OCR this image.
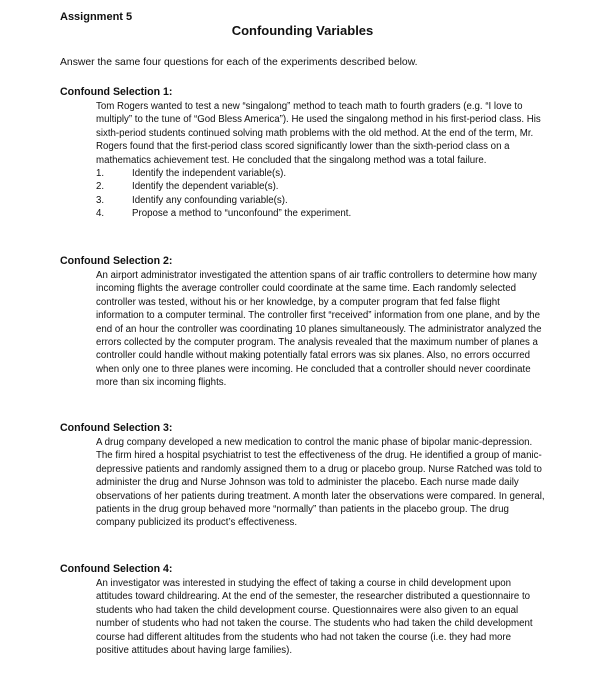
Assignment 5
Confounding Variables
Answer the same four questions for each of the experiments described below.
Confound Selection 1:
Tom Rogers wanted to test a new “singalong” method to teach math to fourth graders (e.g. “I love to multiply” to the tune of “God Bless America”). He used the singalong method in his first-period class. His sixth-period students continued solving math problems with the old method. At the end of the term, Mr. Rogers found that the first-period class scored significantly lower than the sixth-period class on a mathematics achievement test. He concluded that the singalong method was a total failure.
1.	Identify the independent variable(s).
2.	Identify the dependent variable(s).
3.	Identify any confounding variable(s).
4.	Propose a method to “unconfound” the experiment.
Confound Selection 2:
An airport administrator investigated the attention spans of air traffic controllers to determine how many incoming flights the average controller could coordinate at the same time. Each randomly selected controller was tested, without his or her knowledge, by a computer program that fed false flight information to a computer terminal. The controller first “received” information from one plane, and by the end of an hour the controller was coordinating 10 planes simultaneously. The administrator analyzed the errors collected by the computer program. The analysis revealed that the maximum number of planes a controller could handle without making potentially fatal errors was six planes. Also, no errors occurred when only one to three planes were incoming. He concluded that a controller should never coordinate more than six incoming flights.
Confound Selection 3:
A drug company developed a new medication to control the manic phase of bipolar manic-depression. The firm hired a hospital psychiatrist to test the effectiveness of the drug. He identified a group of manic-depressive patients and randomly assigned them to a drug or placebo group. Nurse Ratched was told to administer the drug and Nurse Johnson was told to administer the placebo. Each nurse made daily observations of her patients during treatment. A month later the observations were compared. In general, patients in the drug group behaved more “normally” than patients in the placebo group. The drug company publicized its product’s effectiveness.
Confound Selection 4:
An investigator was interested in studying the effect of taking a course in child development upon attitudes toward childrearing. At the end of the semester, the researcher distributed a questionnaire to students who had taken the child development course. Questionnaires were also given to an equal number of students who had not taken the course. The students who had taken the child development course had different altitudes from the students who had not taken the course (i.e. they had more positive attitudes about having large families).
